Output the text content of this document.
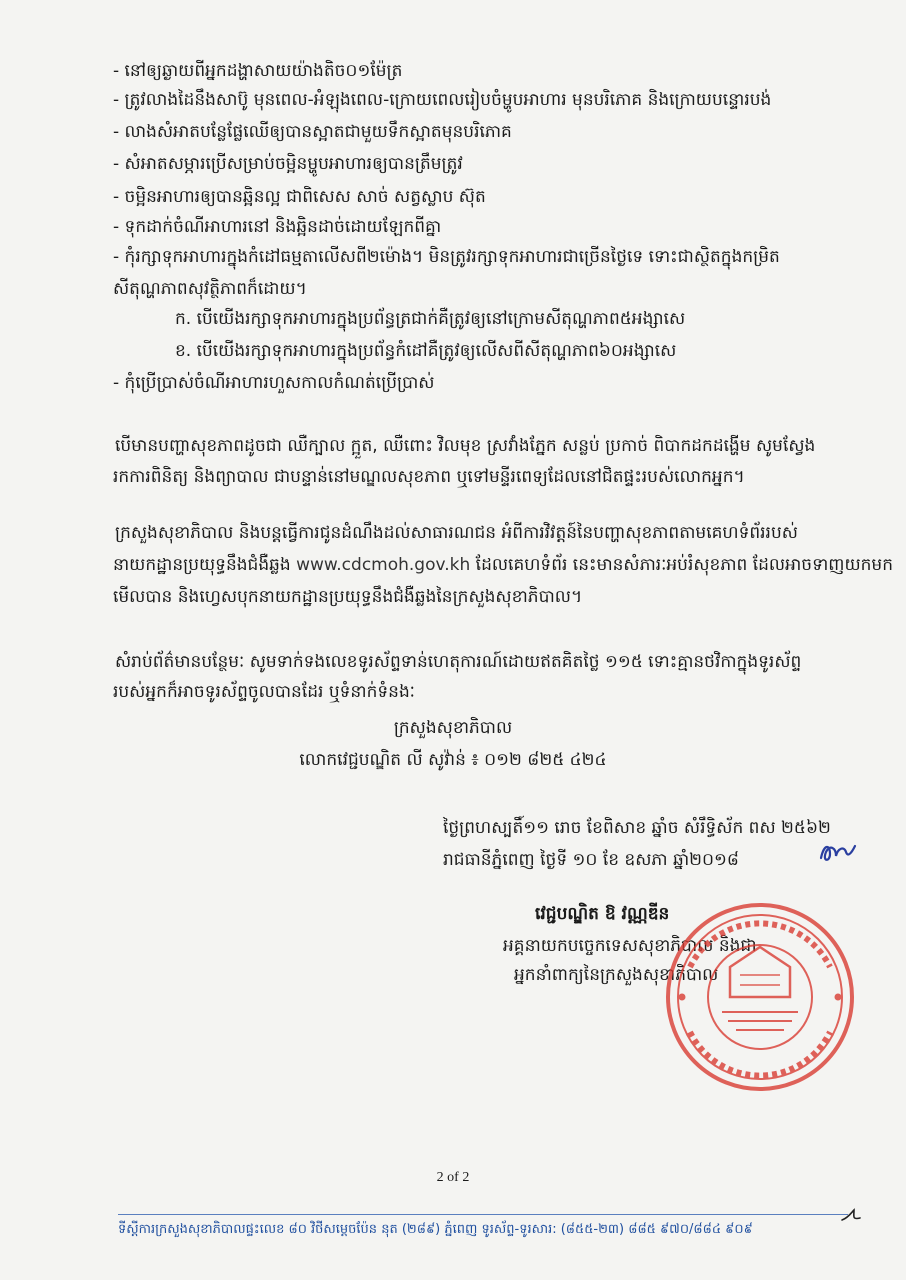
- នៅឲ្យឆ្ងាយពីអ្នកដង្ហាសាយយ៉ាងតិច០១ម៉ែត្រ
- ត្រូវលាងដៃនឹងសាប៊ូ មុនពេល-អំឡុងពេល-ក្រោយពេលរៀបចំម្ហូបអាហារ មុនបរិភោគ និងក្រោយបន្ទោរបង់
- លាងសំអាតបន្លែផ្លែឈើឲ្យបានស្អាតជាមួយទឹកស្អាតមុនបរិភោគ
- សំអាតសម្ភារប្រើសម្រាប់ចម្អិនម្ហូបអាហារឲ្យបានត្រឹមត្រូវ
- ចម្អិនអាហារឲ្យបានឆ្អិនល្អ ជាពិសេស សាច់ សត្វស្លាប ស៊ុត
- ទុកដាក់ចំណីអាហារនៅ និងឆ្អិនដាច់ដោយឡែកពីគ្នា
- កុំរក្សាទុកអាហារក្នុងកំដៅធម្មតាលើសពី២ម៉ោង។ មិនត្រូវរក្សាទុកអាហារជាច្រើនថ្ងៃទេ ទោះជាស្ថិតក្នុងកម្រិត
សីតុណ្ហភាពសុវត្ថិភាពក៏ដោយ។
ក. បើយើងរក្សាទុកអាហារក្នុងប្រព័ន្ធត្រជាក់គឺត្រូវឲ្យនៅក្រោមសីតុណ្ហភាព៥អង្សាសេ
ខ. បើយើងរក្សាទុកអាហារក្នុងប្រព័ន្ធកំដៅគឺត្រូវឲ្យលើសពីសីតុណ្ហភាព៦០អង្សាសេ
- កុំប្រើប្រាស់ចំណីអាហារហួសកាលកំណត់ប្រើប្រាស់
បើមានបញ្ហាសុខភាពដូចជា ឈឺក្បាល ក្អួត, ឈឺពោះ វិលមុខ ស្រវាំងភ្នែក សន្លប់ ប្រកាច់ ពិបាកដកដង្ហើម សូមស្វែង
រកការពិនិត្យ និងព្យាបាល ជាបន្ទាន់នៅមណ្ឌលសុខភាព ឬទៅមន្ទីរពេទ្យដែលនៅជិតផ្ទះរបស់លោកអ្នក។
ក្រសួងសុខាភិបាល និងបន្តធ្វើការជូនដំណឹងដល់សាធារណជន អំពីការវិវត្តន៍នៃបញ្ហាសុខភាពតាមគេហទំព័ររបស់
នាយកដ្ឋានប្រយុទ្ធនឹងជំងឺឆ្លង www.cdcmoh.gov.kh ដែលគេហទំព័រ នេះមានសំភារៈអប់រំសុខភាព ដែលអាចទាញយកមក
មើលបាន និងហ្វេសបុកនាយកដ្ឋានប្រយុទ្ធនឹងជំងឺឆ្លងនៃក្រសួងសុខាភិបាល។
សំរាប់ព័ត៌មានបន្ថែមៈ សូមទាក់ទងលេខទូរស័ព្ទទាន់ហេតុការណ៍ដោយឥតគិតថ្លៃ ១១៥ ទោះគ្មានថវិកាក្នុងទូរស័ព្ទ
របស់អ្នកក៏អាចទូរស័ព្ទចូលបានដែរ ឬទំនាក់ទំនងៈ
ក្រសួងសុខាភិបាល
លោកវេជ្ជបណ្ឌិត លី សូវ៉ាន់ ៖ ០១២ ៨២៥ ៤២៤
ថ្ងៃព្រហស្បតិ៍១១ រោច ខែពិសាខ ឆ្នាំច សំរឹទ្ធិស័ក ពស ២៥៦២
រាជធានីភ្នំពេញ ថ្ងៃទី ១០ ខែ ឧសភា ឆ្នាំ២០១៨
វេជ្ជបណ្ឌិត ឱ វណ្ណឌីន
អគ្គនាយកបច្ចេកទេសសុខាភិបាល និងជា
អ្នកនាំពាក្យនៃក្រសួងសុខាភិបាល
2 of 2
ទីស្តីការក្រសួងសុខាភិបាលផ្ទះលេខ ៨០ វិថីសម្តេចប៉ែន នុត (២៨៩) ភ្នំពេញ ទូរស័ព្ទ-ទូរសារ: (៨៥៥-២៣) ៨៨៥ ៩៧០/៨៨៤ ៩០៩
